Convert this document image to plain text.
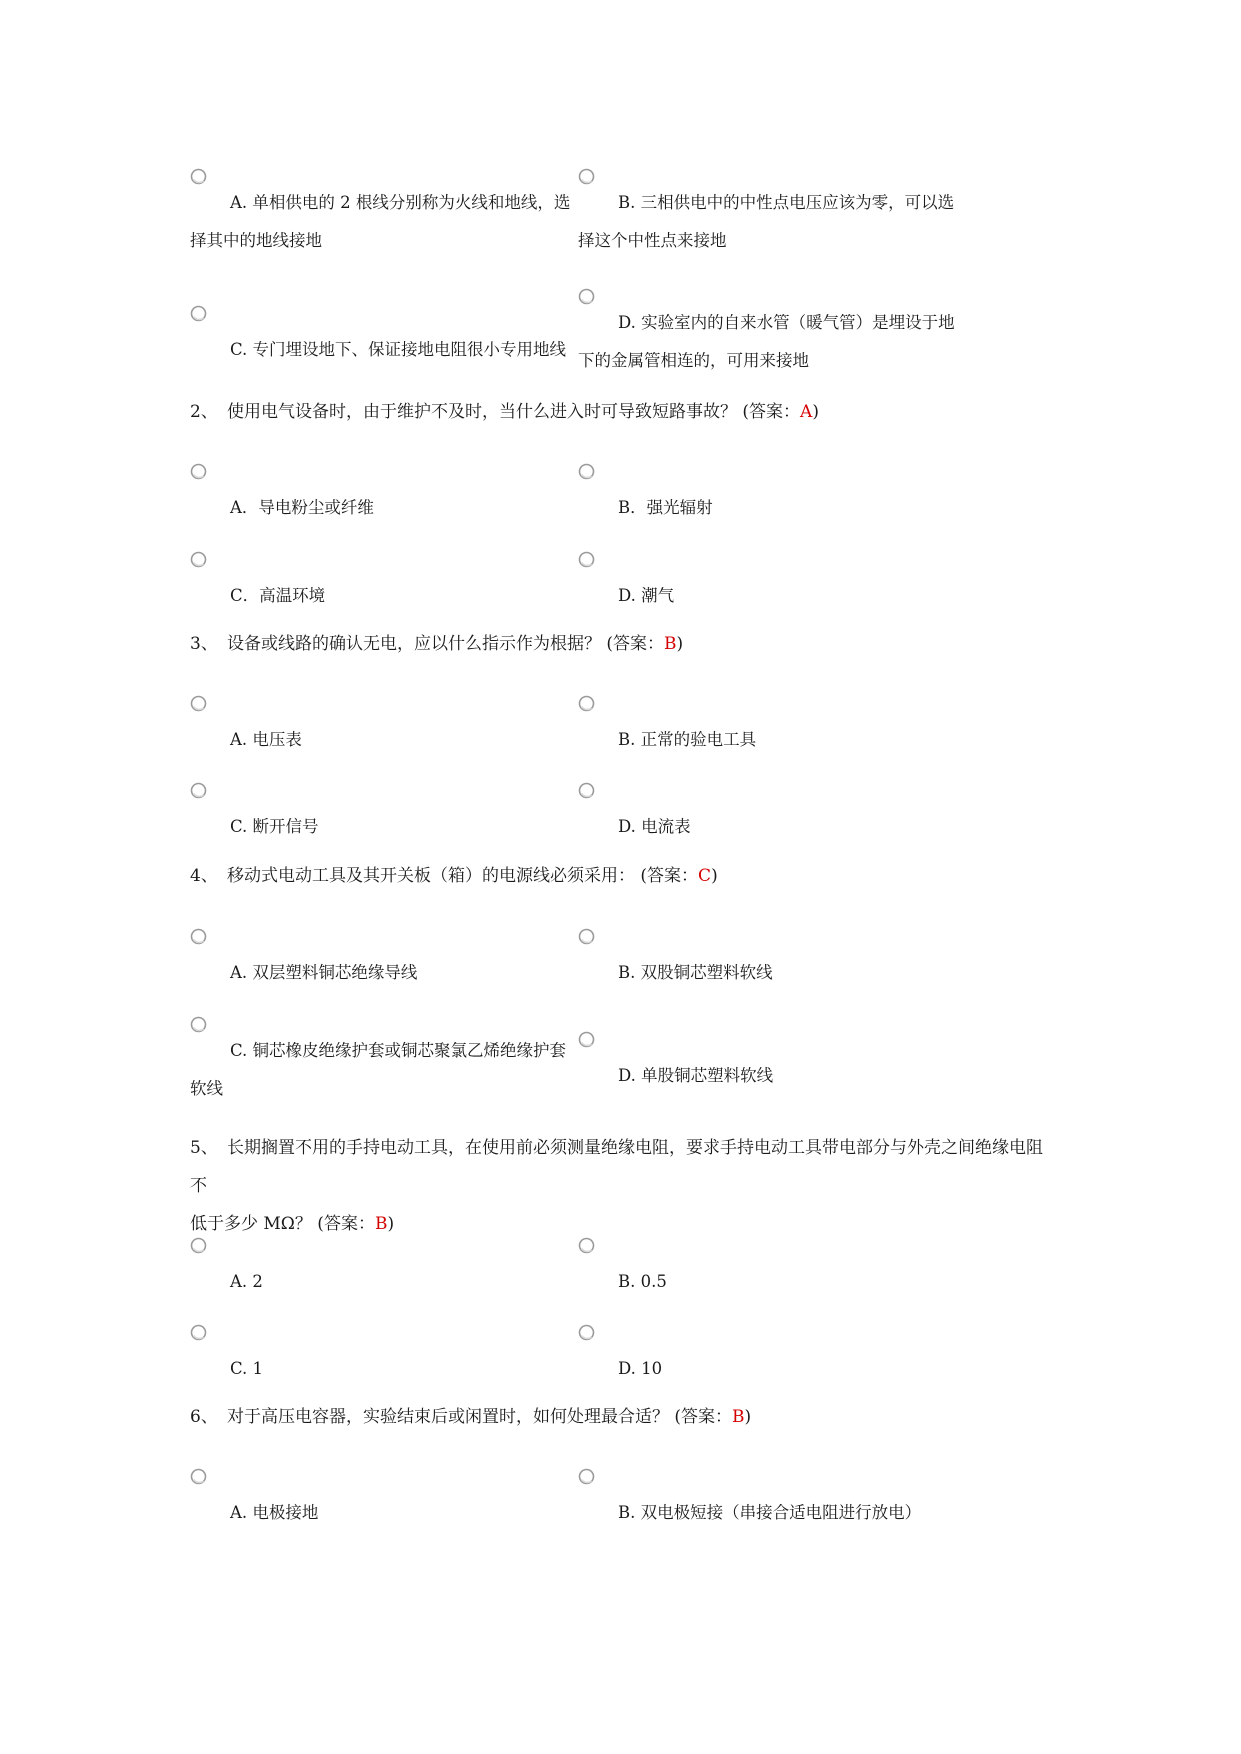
A. 单相供电的 2 根线分别称为火线和地线，选
择其中的地线接地
B. 三相供电中的中性点电压应该为零，可以选
择这个中性点来接地
C. 专门埋设地下、保证接地电阻很小专用地线
D. 实验室内的自来水管（暖气管）是埋设于地
下的金属管相连的，可用来接地
2、 使用电气设备时，由于维护不及时，当什么进入时可导致短路事故？ (答案：A)
A．导电粉尘或纤维	B．强光辐射
C．高温环境	D. 潮气
3、 设备或线路的确认无电，应以什么指示作为根据？ (答案：B)
A. 电压表	B. 正常的验电工具
C. 断开信号	D. 电流表
4、 移动式电动工具及其开关板（箱）的电源线必须采用： (答案：C)
A. 双层塑料铜芯绝缘导线	B. 双股铜芯塑料软线
C. 铜芯橡皮绝缘护套或铜芯聚氯乙烯绝缘护套
软线
D. 单股铜芯塑料软线
5、 长期搁置不用的手持电动工具，在使用前必须测量绝缘电阻，要求手持电动工具带电部分与外壳之间绝缘电阻不
低于多少 MΩ？ (答案：B)
A. 2	B. 0.5
C. 1	D. 10
6、 对于高压电容器，实验结束后或闲置时，如何处理最合适？ (答案：B)
A. 电极接地	B. 双电极短接（串接合适电阻进行放电）
